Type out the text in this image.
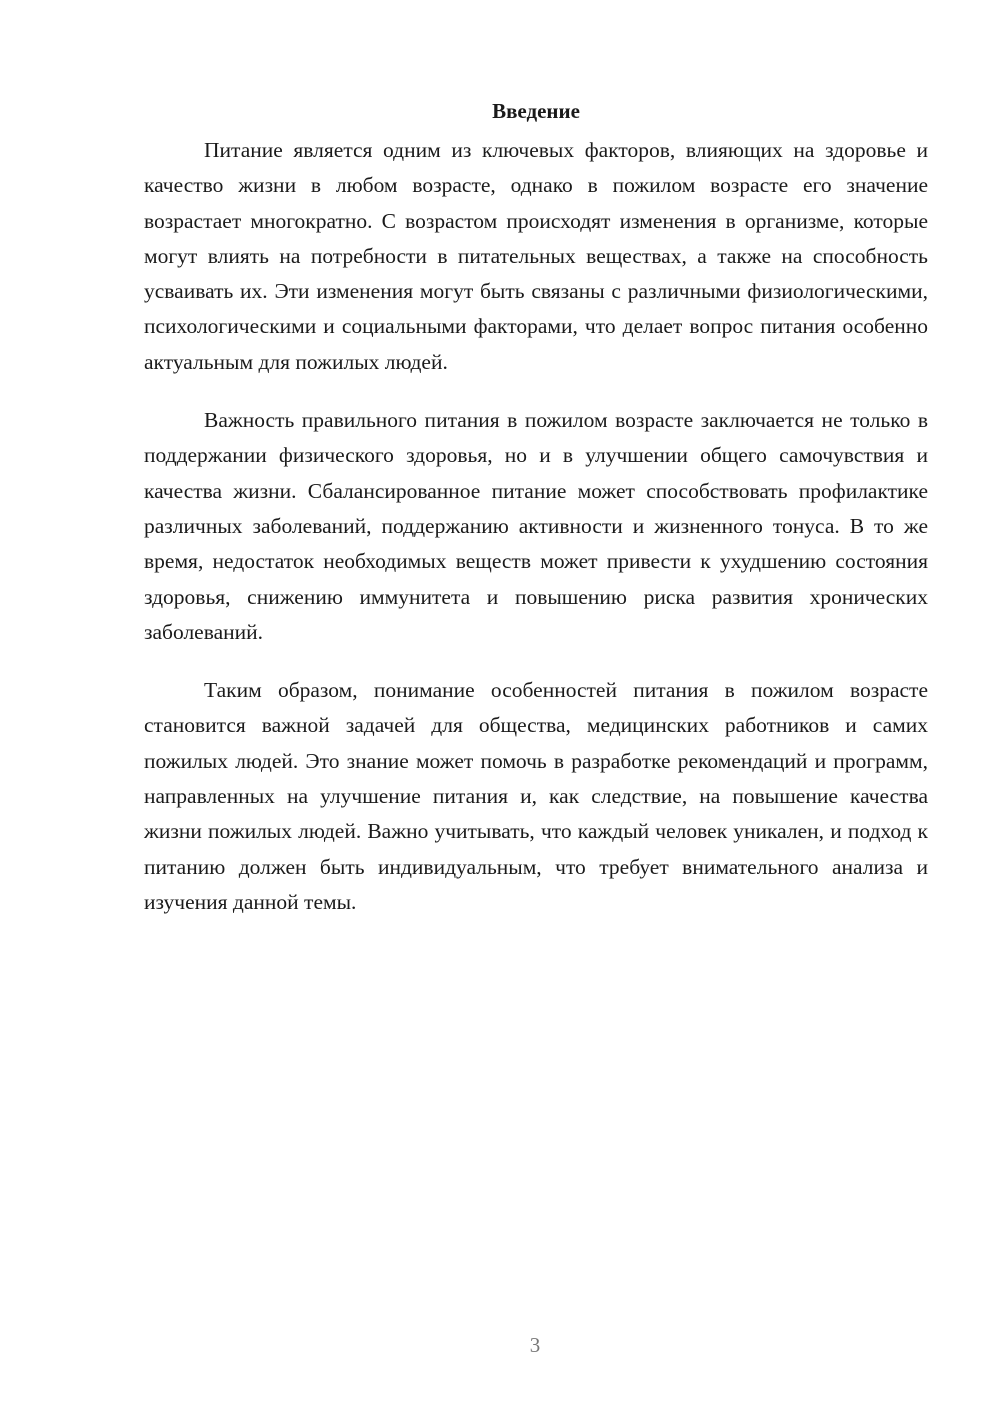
Введение

Питание является одним из ключевых факторов, влияющих на здоровье и качество жизни в любом возрасте, однако в пожилом возрасте его значение возрастает многократно. С возрастом происходят изменения в организме, которые могут влиять на потребности в питательных веществах, а также на способность усваивать их. Эти изменения могут быть связаны с различными физиологическими, психологическими и социальными факторами, что делает вопрос питания особенно актуальным для пожилых людей.

Важность правильного питания в пожилом возрасте заключается не только в поддержании физического здоровья, но и в улучшении общего самочувствия и качества жизни. Сбалансированное питание может способствовать профилактике различных заболеваний, поддержанию активности и жизненного тонуса. В то же время, недостаток необходимых веществ может привести к ухудшению состояния здоровья, снижению иммунитета и повышению риска развития хронических заболеваний.

Таким образом, понимание особенностей питания в пожилом возрасте становится важной задачей для общества, медицинских работников и самих пожилых людей. Это знание может помочь в разработке рекомендаций и программ, направленных на улучшение питания и, как следствие, на повышение качества жизни пожилых людей. Важно учитывать, что каждый человек уникален, и подход к питанию должен быть индивидуальным, что требует внимательного анализа и изучения данной темы.

3
